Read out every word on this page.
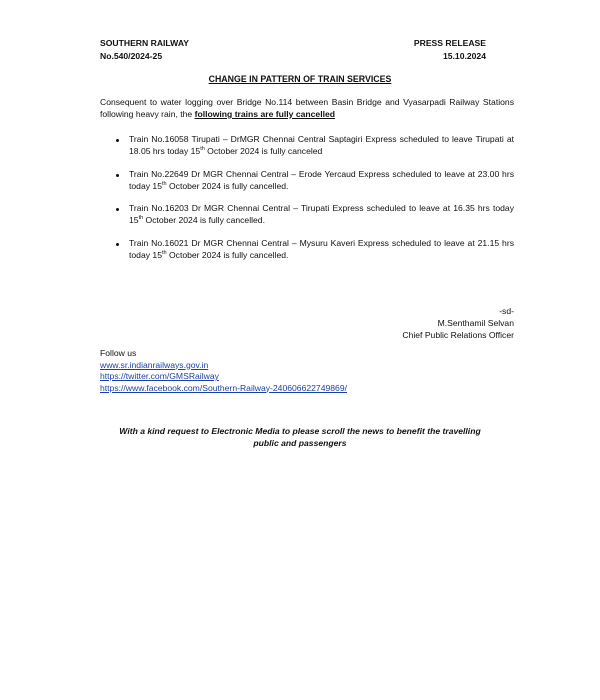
SOUTHERN RAILWAY
No.540/2024-25
PRESS RELEASE
15.10.2024
CHANGE IN PATTERN OF TRAIN SERVICES
Consequent to water logging over Bridge No.114 between Basin Bridge and Vyasarpadi Railway Stations following heavy rain, the following trains are fully cancelled
Train No.16058 Tirupati – DrMGR Chennai Central Saptagiri Express scheduled to leave Tirupati at 18.05 hrs today 15th October 2024 is fully canceled
Train No.22649 Dr MGR Chennai Central – Erode Yercaud Express scheduled to leave at 23.00 hrs today 15th October 2024 is fully cancelled.
Train No.16203 Dr MGR Chennai Central – Tirupati Express scheduled to leave at 16.35 hrs today 15th October 2024 is fully cancelled.
Train No.16021 Dr MGR Chennai Central – Mysuru Kaveri Express scheduled to leave at 21.15 hrs today 15th October 2024 is fully cancelled.
-sd-
M.Senthamil Selvan
Chief Public Relations Officer
Follow us
www.sr.indianrailways.gov.in
https://twitter.com/GMSRailway
https://www.facebook.com/Southern-Railway-240606622749869/
With a kind request to Electronic Media to please scroll the news to benefit the travelling
public and passengers
